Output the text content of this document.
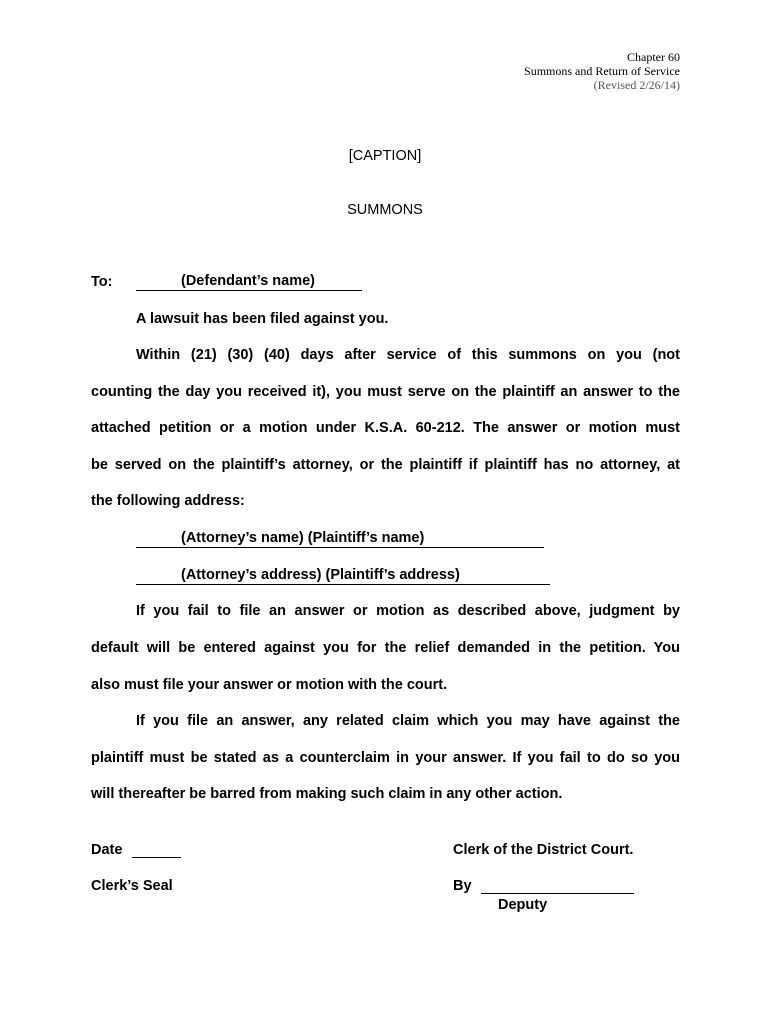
Chapter 60
Summons and Return of Service
(Revised 2/26/14)
[CAPTION]
SUMMONS
To:	(Defendant’s name)
A lawsuit has been filed against you.
Within (21) (30) (40) days after service of this summons on you (not
counting the day you received it), you must serve on the plaintiff an answer to the
attached petition or a motion under K.S.A. 60-212. The answer or motion must
be served on the plaintiff’s attorney, or the plaintiff if plaintiff has no attorney, at
the following address:
(Attorney’s name) (Plaintiff’s name)
(Attorney’s address) (Plaintiff’s address)
If you fail to file an answer or motion as described above, judgment by
default will be entered against you for the relief demanded in the petition. You
also must file your answer or motion with the court.
If you file an answer, any related claim which you may have against the
plaintiff must be stated as a counterclaim in your answer. If you fail to do so you
will thereafter be barred from making such claim in any other action.
Date	Clerk of the District Court.
Clerk’s Seal	By
Deputy
